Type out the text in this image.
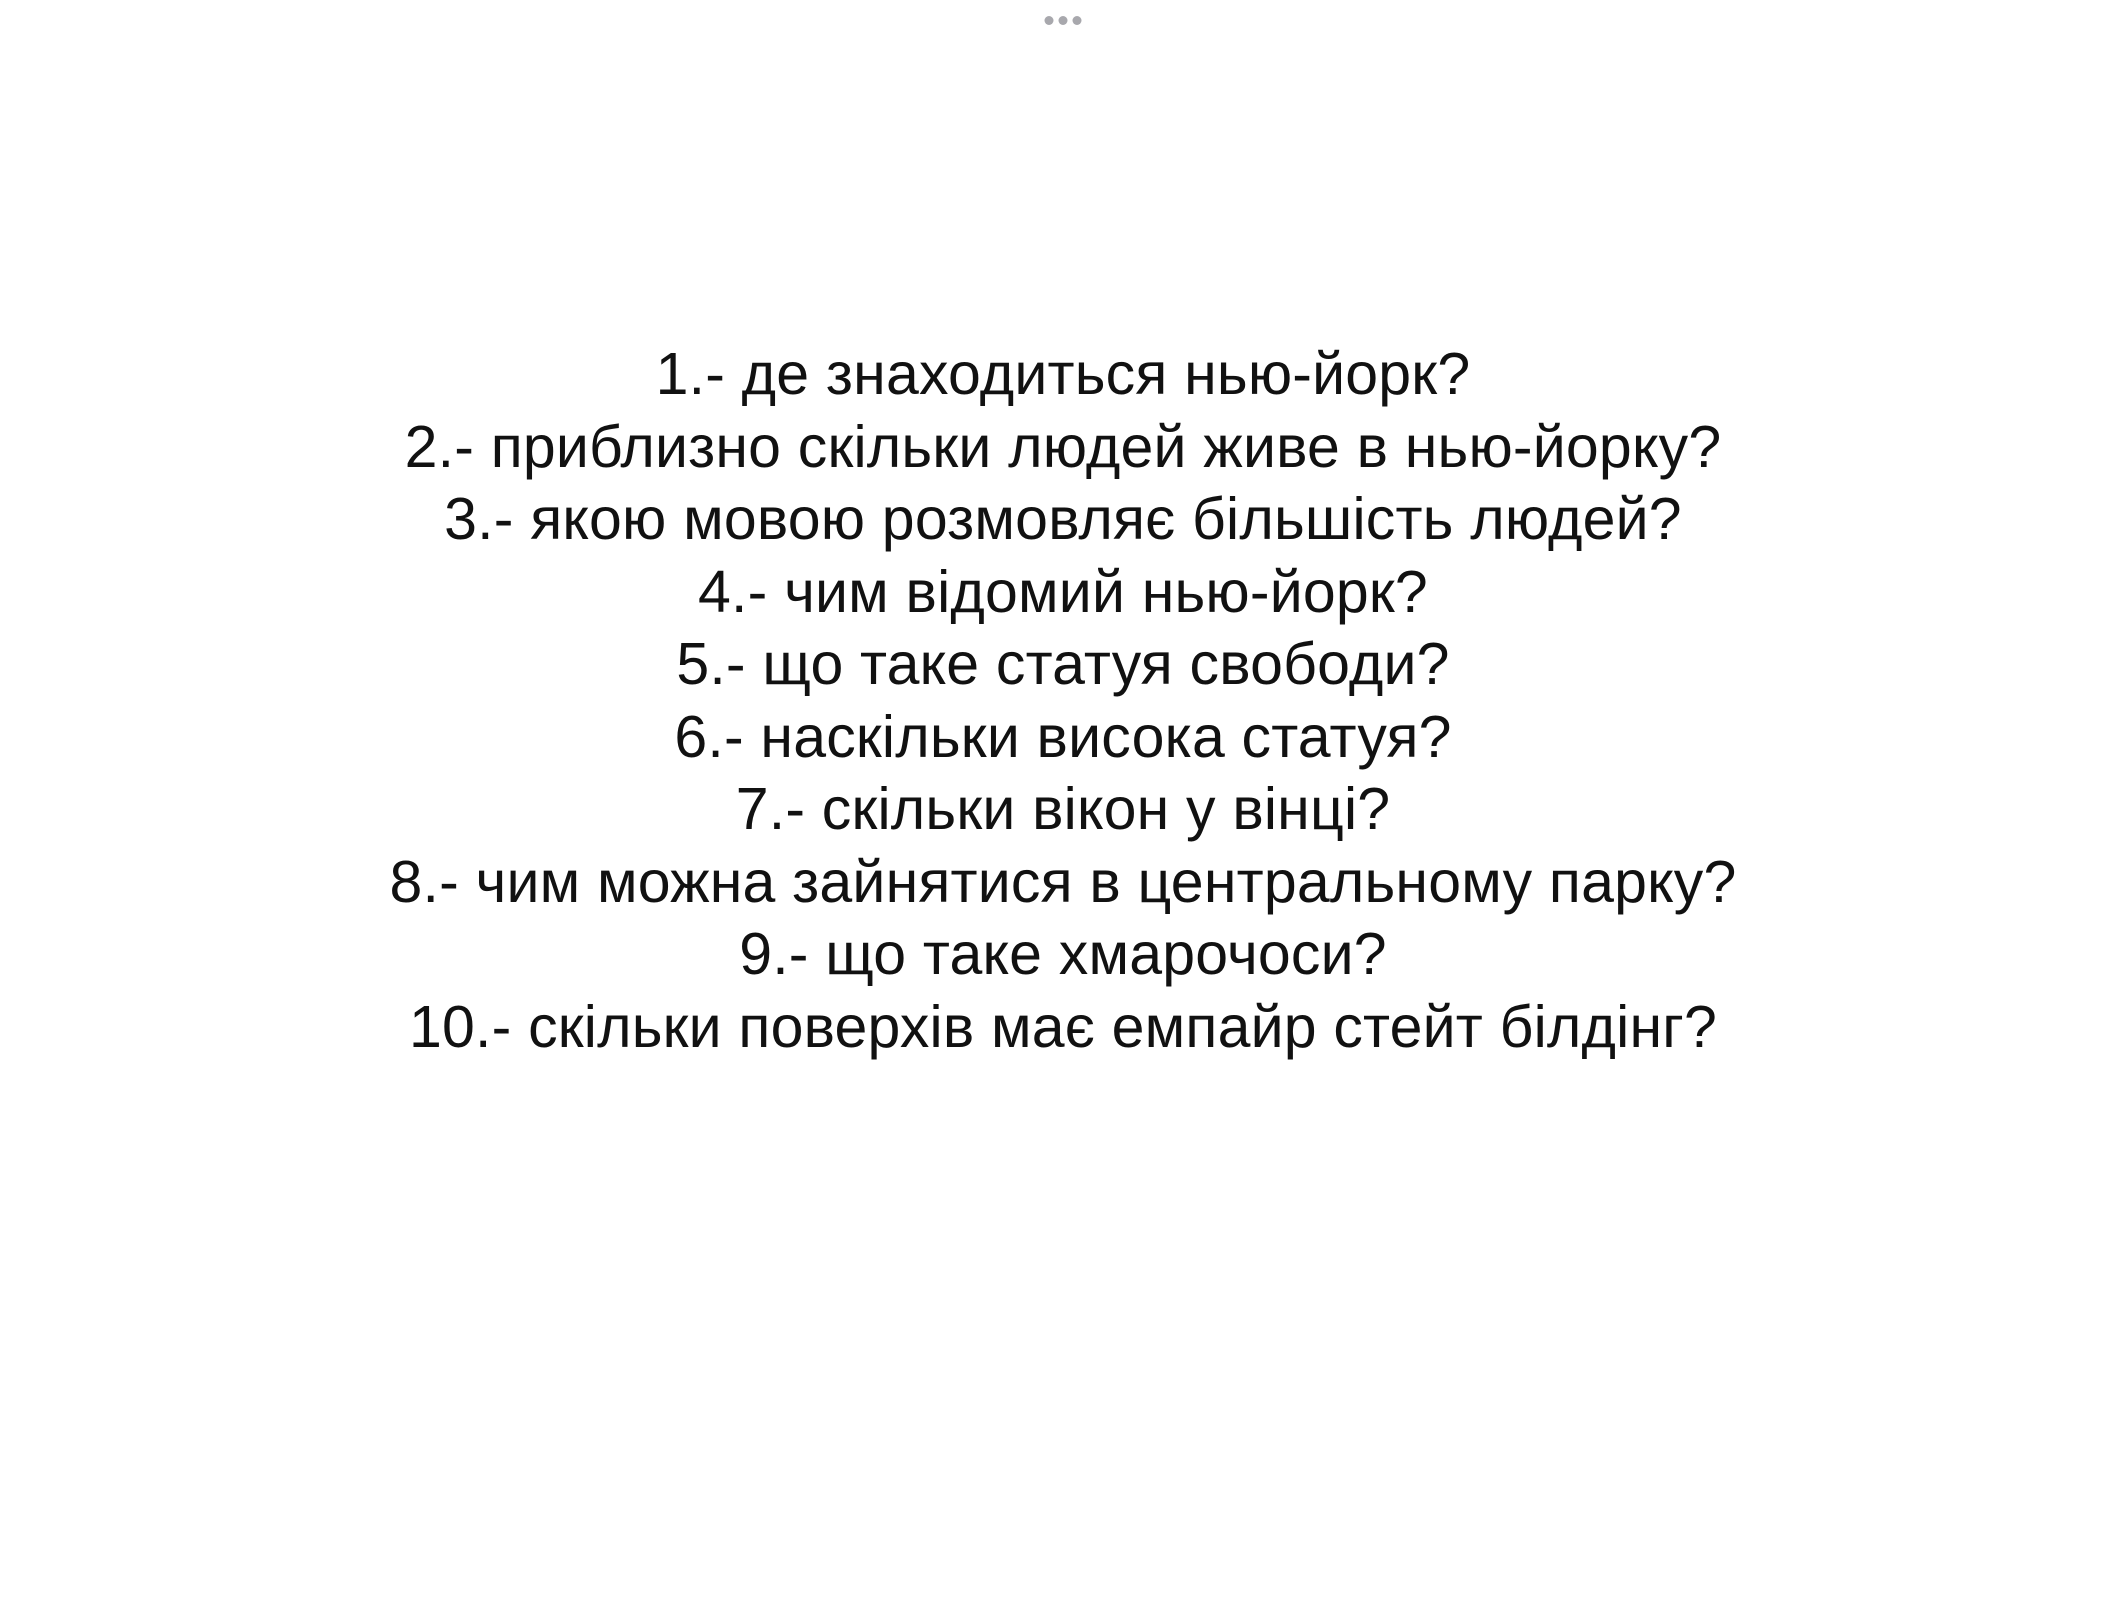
1.- де знаходиться нью-йорк?
2.- приблизно скільки людей живе в нью-йорку?
3.- якою мовою розмовляє більшість людей?
4.- чим відомий нью-йорк?
5.- що таке статуя свободи?
6.- наскільки висока статуя?
7.- скільки вікон у вінці?
8.- чим можна зайнятися в центральному парку?
9.- що таке хмарочоси?
10.- скільки поверхів має емпайр стейт білдінг?
